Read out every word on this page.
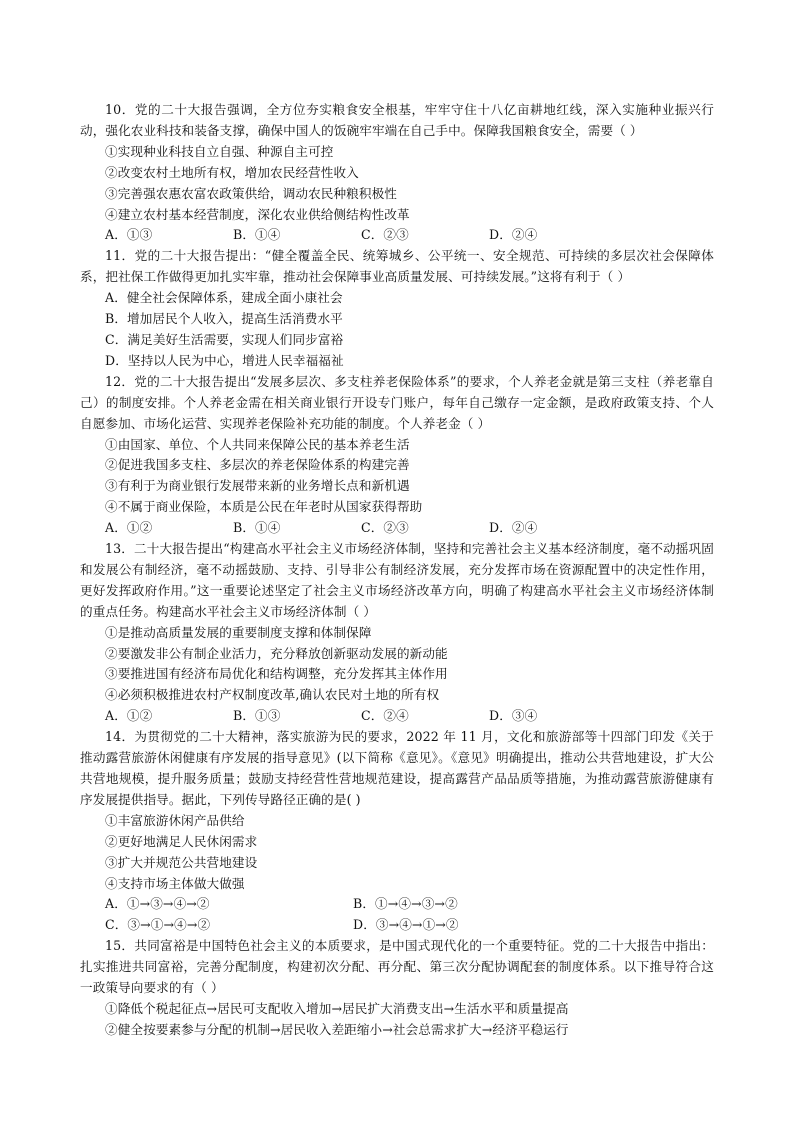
10．党的二十大报告强调，全方位夯实粮食安全根基，牢牢守住十八亿亩耕地红线，深入实施种业振兴行动，强化农业科技和装备支撑，确保中国人的饭碗牢牢端在自己手中。保障我国粮食安全，需要（ ）

①实现种业科技自立自强、种源自主可控

②改变农村土地所有权，增加农民经营性收入

③完善强农惠农富农政策供给，调动农民种粮积极性

④建立农村基本经营制度，深化农业供给侧结构性改革

A．①③	B．①④	C．②③	D．②④

11．党的二十大报告提出：“健全覆盖全民、统筹城乡、公平统一、安全规范、可持续的多层次社会保障体系，把社保工作做得更加扎实牢靠，推动社会保障事业高质量发展、可持续发展。”这将有利于（ ）

A．健全社会保障体系，建成全面小康社会

B．增加居民个人收入，提高生活消费水平

C．满足美好生活需要，实现人们同步富裕

D．坚持以人民为中心，增进人民幸福福祉

12．党的二十大报告提出“发展多层次、多支柱养老保险体系”的要求，个人养老金就是第三支柱（养老靠自己）的制度安排。个人养老金需在相关商业银行开设专门账户，每年自己缴存一定金额，是政府政策支持、个人自愿参加、市场化运营、实现养老保险补充功能的制度。个人养老金（ ）

①由国家、单位、个人共同来保障公民的基本养老生活

②促进我国多支柱、多层次的养老保险体系的构建完善

③有利于为商业银行发展带来新的业务增长点和新机遇

④不属于商业保险，本质是公民在年老时从国家获得帮助

A．①②	B．①④	C．②③	D．②④

13．二十大报告提出“构建高水平社会主义市场经济体制，坚持和完善社会主义基本经济制度，毫不动摇巩固和发展公有制经济，毫不动摇鼓励、支持、引导非公有制经济发展，充分发挥市场在资源配置中的决定性作用，更好发挥政府作用。”这一重要论述坚定了社会主义市场经济改革方向，明确了构建高水平社会主义市场经济体制的重点任务。构建高水平社会主义市场经济体制（ ）

①是推动高质量发展的重要制度支撑和体制保障

②要激发非公有制企业活力，充分释放创新驱动发展的新动能

③要推进国有经济布局优化和结构调整，充分发挥其主体作用

④必须积极推进农村产权制度改革,确认农民对土地的所有权

A．①②	B．①③	C．②④	D．③④

14．为贯彻党的二十大精神，落实旅游为民的要求，2022 年 11 月，文化和旅游部等十四部门印发《关于推动露营旅游休闲健康有序发展的指导意见》(以下简称《意见》。《意见》明确提出，推动公共营地建设，扩大公共营地规模，提升服务质量；鼓励支持经营性营地规范建设，提高露营产品品质等措施，为推动露营旅游健康有序发展提供指导。据此，下列传导路径正确的是( )

①丰富旅游休闲产品供给

②更好地满足人民休闲需求

③扩大并规范公共营地建设

④支持市场主体做大做强

A．①→③→④→②	B．①→④→③→②
C．③→①→④→②	D．③→④→①→②

15．共同富裕是中国特色社会主义的本质要求，是中国式现代化的一个重要特征。党的二十大报告中指出：扎实推进共同富裕，完善分配制度，构建初次分配、再分配、第三次分配协调配套的制度体系。以下推导符合这一政策导向要求的有（ ）

①降低个税起征点→居民可支配收入增加→居民扩大消费支出→生活水平和质量提高

②健全按要素参与分配的机制→居民收入差距缩小→社会总需求扩大→经济平稳运行
